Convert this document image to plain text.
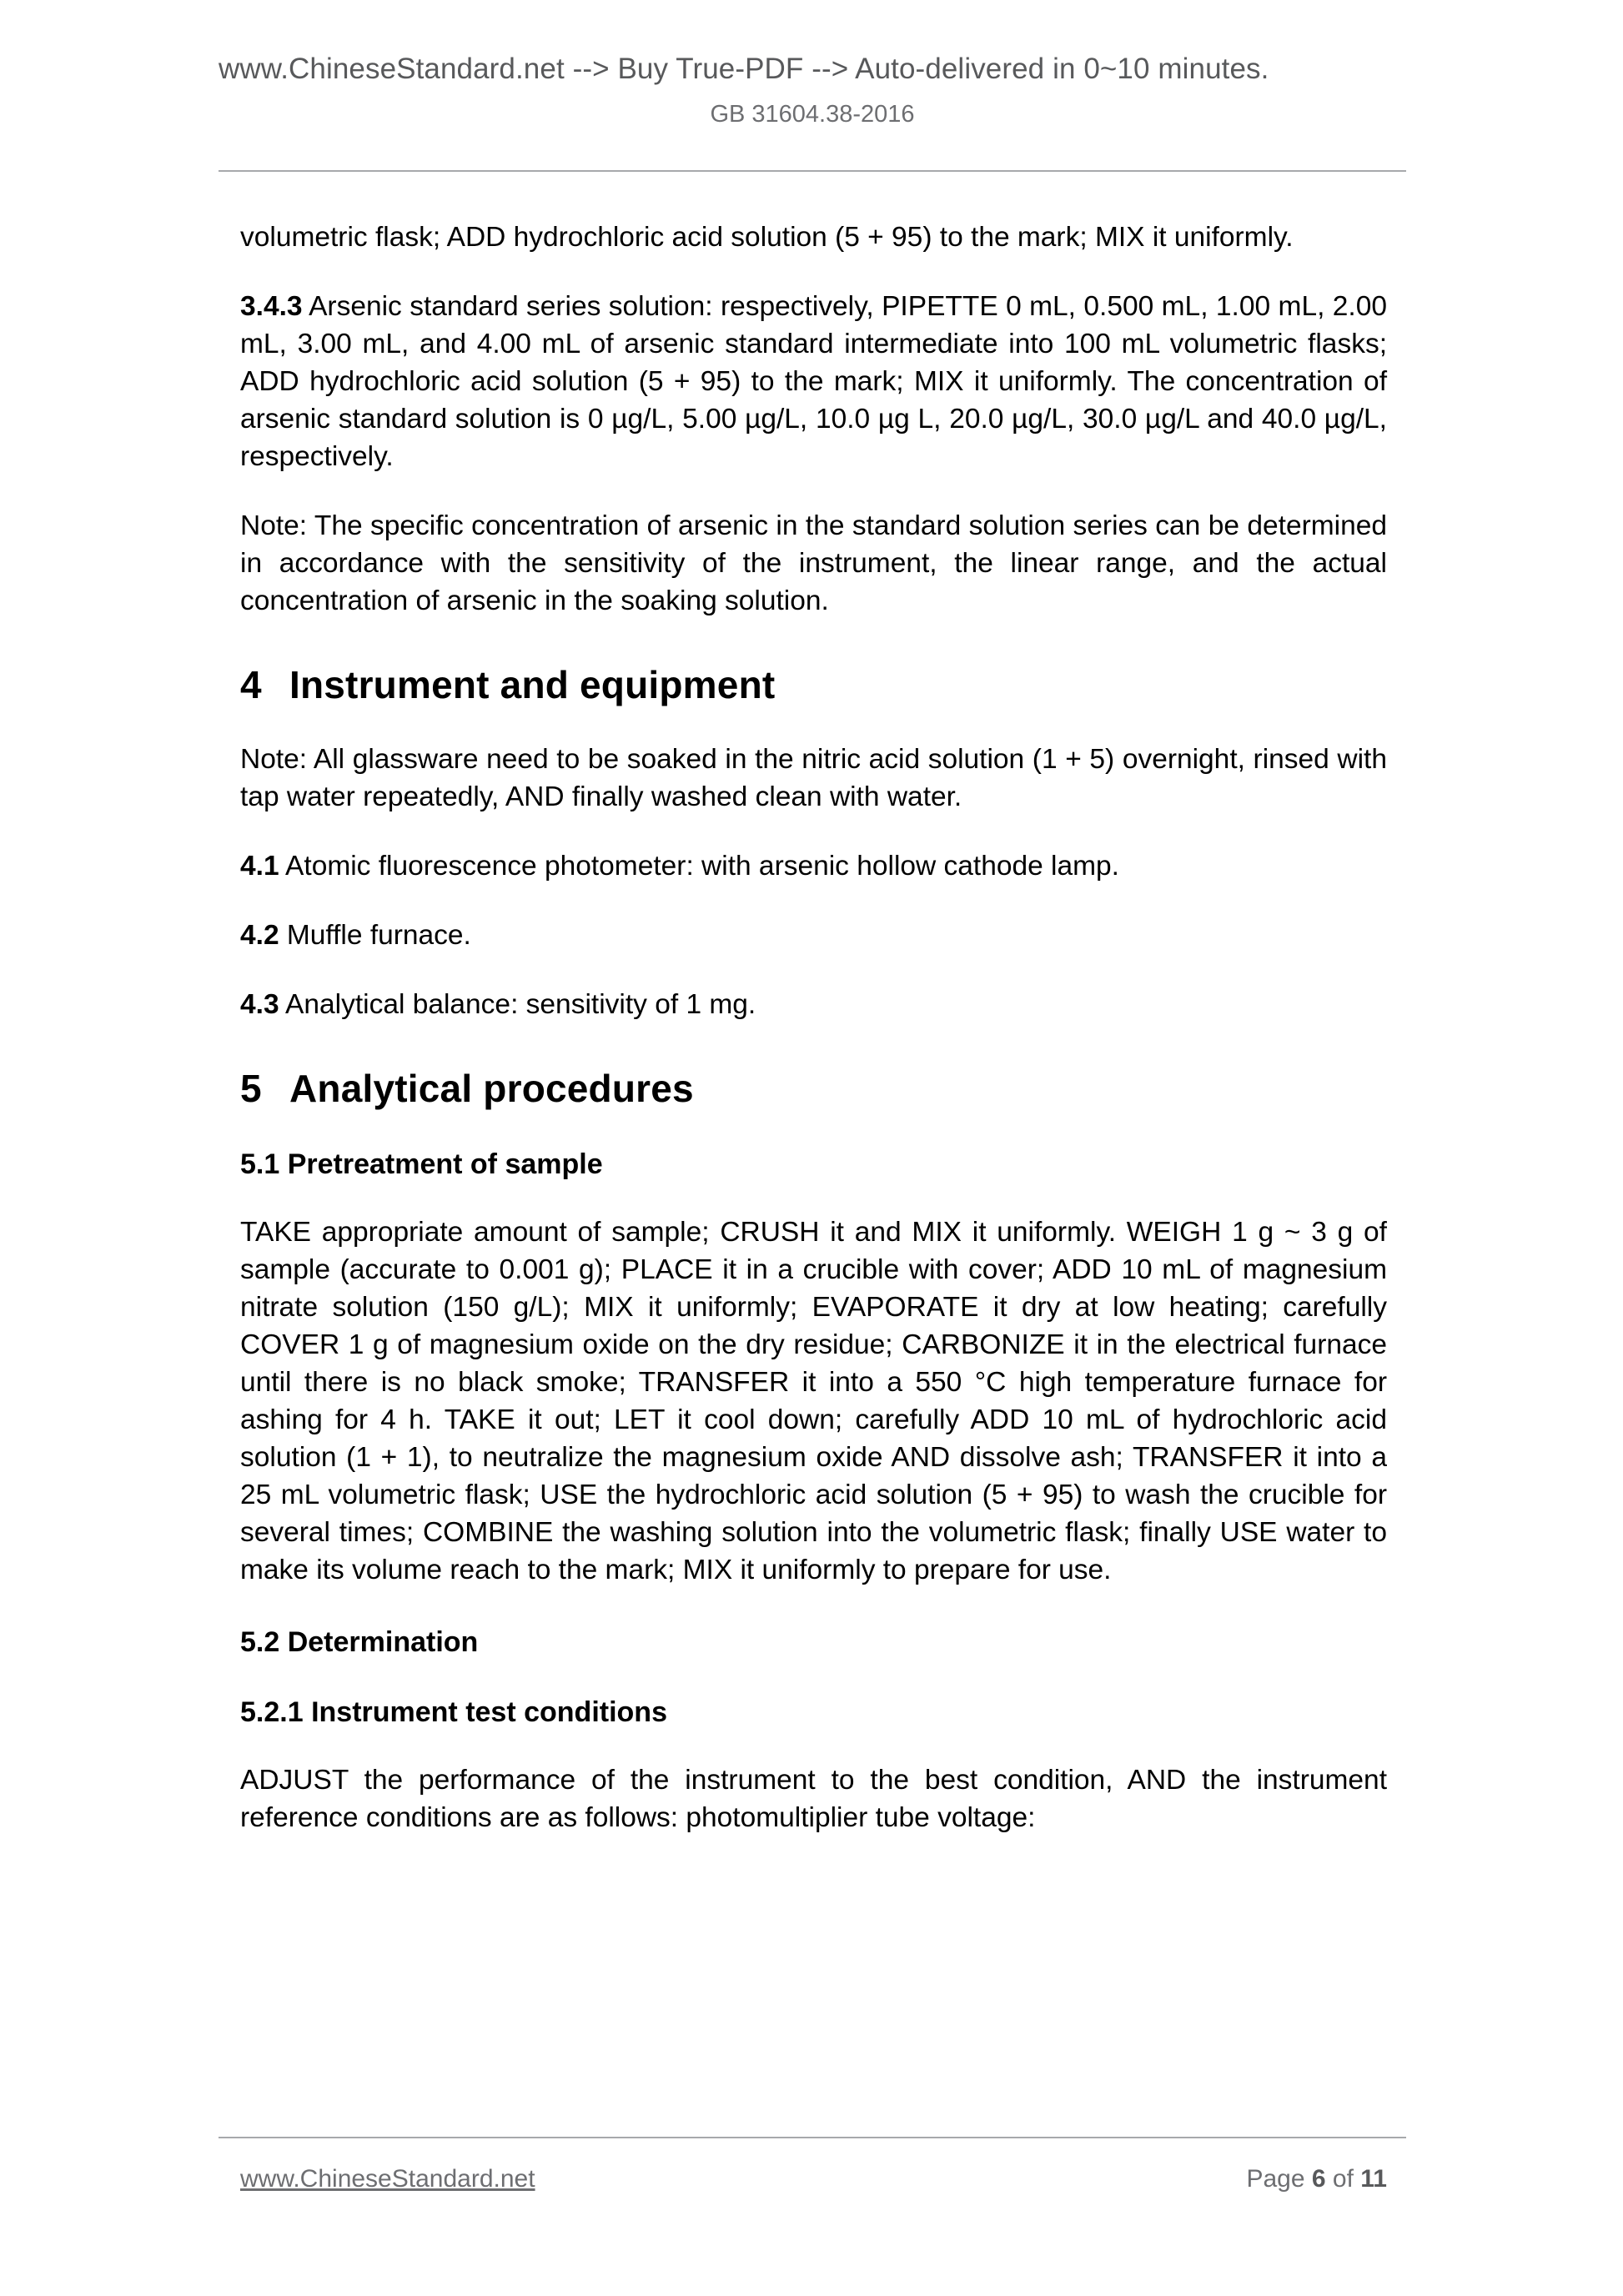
www.ChineseStandard.net --> Buy True-PDF --> Auto-delivered in 0~10 minutes.
GB 31604.38-2016

volumetric flask; ADD hydrochloric acid solution (5 + 95) to the mark; MIX it uniformly.

3.4.3 Arsenic standard series solution: respectively, PIPETTE 0 mL, 0.500 mL, 1.00 mL, 2.00 mL, 3.00 mL, and 4.00 mL of arsenic standard intermediate into 100 mL volumetric flasks; ADD hydrochloric acid solution (5 + 95) to the mark; MIX it uniformly. The concentration of arsenic standard solution is 0 µg/L, 5.00 µg/L, 10.0 µg L, 20.0 µg/L, 30.0 µg/L and 40.0 µg/L, respectively.

Note: The specific concentration of arsenic in the standard solution series can be determined in accordance with the sensitivity of the instrument, the linear range, and the actual concentration of arsenic in the soaking solution.

4 Instrument and equipment

Note: All glassware need to be soaked in the nitric acid solution (1 + 5) overnight, rinsed with tap water repeatedly, AND finally washed clean with water.

4.1 Atomic fluorescence photometer: with arsenic hollow cathode lamp.

4.2 Muffle furnace.

4.3 Analytical balance: sensitivity of 1 mg.

5 Analytical procedures
5.1 Pretreatment of sample

TAKE appropriate amount of sample; CRUSH it and MIX it uniformly. WEIGH 1 g ~ 3 g of sample (accurate to 0.001 g); PLACE it in a crucible with cover; ADD 10 mL of magnesium nitrate solution (150 g/L); MIX it uniformly; EVAPORATE it dry at low heating; carefully COVER 1 g of magnesium oxide on the dry residue; CARBONIZE it in the electrical furnace until there is no black smoke; TRANSFER it into a 550 °C high temperature furnace for ashing for 4 h. TAKE it out; LET it cool down; carefully ADD 10 mL of hydrochloric acid solution (1 + 1), to neutralize the magnesium oxide AND dissolve ash; TRANSFER it into a 25 mL volumetric flask; USE the hydrochloric acid solution (5 + 95) to wash the crucible for several times; COMBINE the washing solution into the volumetric flask; finally USE water to make its volume reach to the mark; MIX it uniformly to prepare for use.

5.2 Determination
5.2.1 Instrument test conditions

ADJUST the performance of the instrument to the best condition, AND the instrument reference conditions are as follows: photomultiplier tube voltage:

www.ChineseStandard.net	Page 6 of 11
